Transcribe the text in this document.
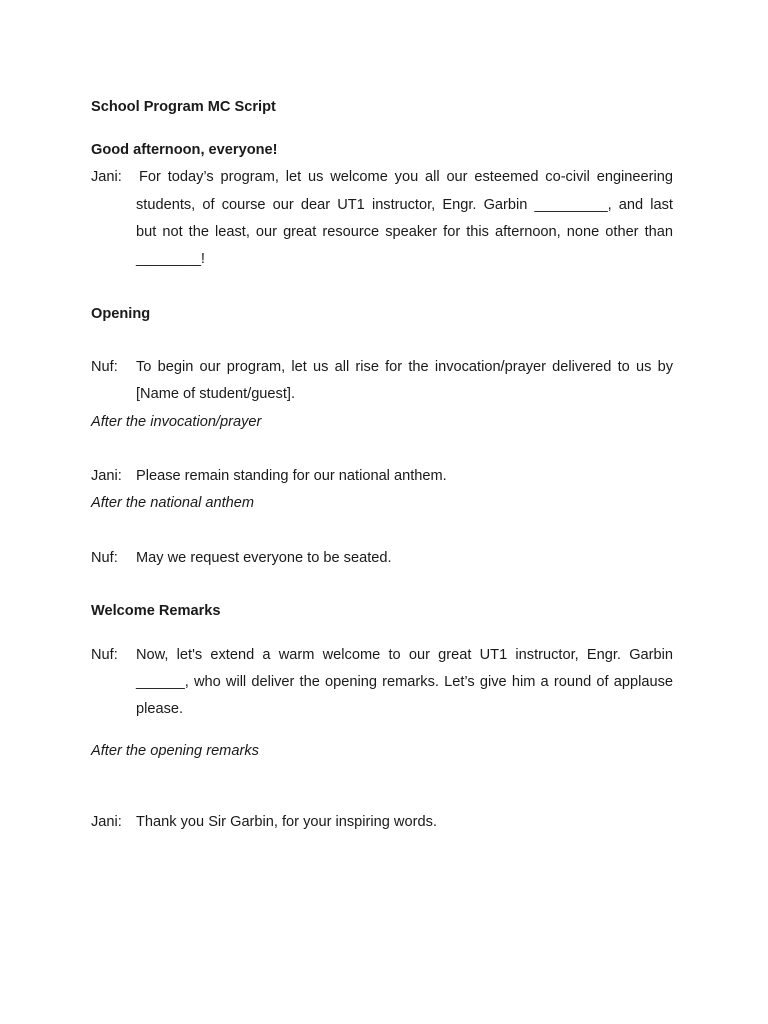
School Program MC Script
Good afternoon, everyone!
Jani: For today’s program, let us welcome you all our esteemed co-civil engineering
students, of course our dear UT1 instructor, Engr. Garbin _________, and last
but not the least, our great resource speaker for this afternoon, none other than
________!
Opening
Nuf: To begin our program, let us all rise for the invocation/prayer delivered to us by
[Name of student/guest].
After the invocation/prayer
Jani: Please remain standing for our national anthem.
After the national anthem
Nuf: May we request everyone to be seated.
Welcome Remarks
Nuf: Now, let's extend a warm welcome to our great UT1 instructor, Engr. Garbin
______, who will deliver the opening remarks. Let’s give him a round of applause
please.
After the opening remarks
Jani: Thank you Sir Garbin, for your inspiring words.
